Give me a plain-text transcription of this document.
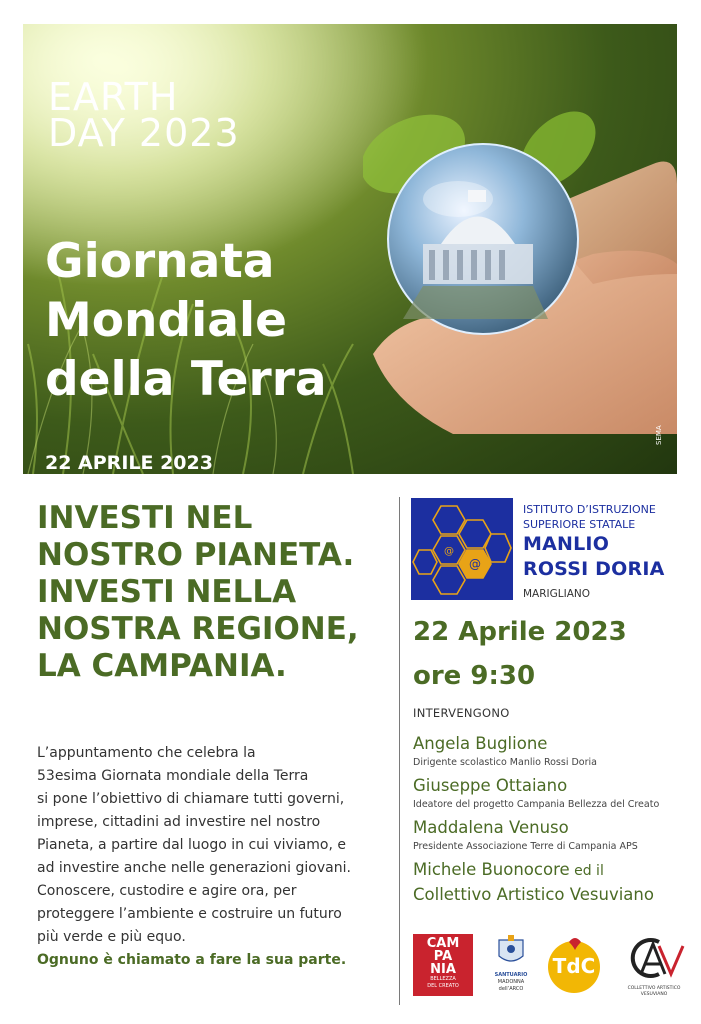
EARTH
DAY 2023
Giornata
Mondiale
della Terra
22 APRILE 2023
SEMA
INVESTI NEL
NOSTRO PIANETA.
INVESTI NELLA
NOSTRA REGIONE,
LA CAMPANIA.
L’appuntamento che celebra la
53esima Giornata mondiale della Terra
si pone l’obiettivo di chiamare tutti governi,
imprese, cittadini ad investire nel nostro
Pianeta, a partire dal luogo in cui viviamo, e
ad investire anche nelle generazioni giovani.
Conoscere, custodire e agire ora, per
proteggere l’ambiente e costruire un futuro
più verde e più equo.
Ognuno è chiamato a fare la sua parte.
@
@
ISTITUTO D’ISTRUZIONE
SUPERIORE STATALE
MANLIO
ROSSI DORIA
MARIGLIANO
22 Aprile 2023
ore 9:30
INTERVENGONO
Angela Buglione
Dirigente scolastico Manlio Rossi Doria
Giuseppe Ottaiano
Ideatore del progetto Campania Bellezza del Creato
Maddalena Venuso
Presidente Associazione Terre di Campania APS
Michele Buonocore ed il
Collettivo Artistico Vesuviano
CAM
PA
NIA
BELLEZZA
DEL CREATO
SANTUARIO
MADONNA
dell’ARCO
TdC
COLLETTIVO ARTISTICO VESUVIANO
